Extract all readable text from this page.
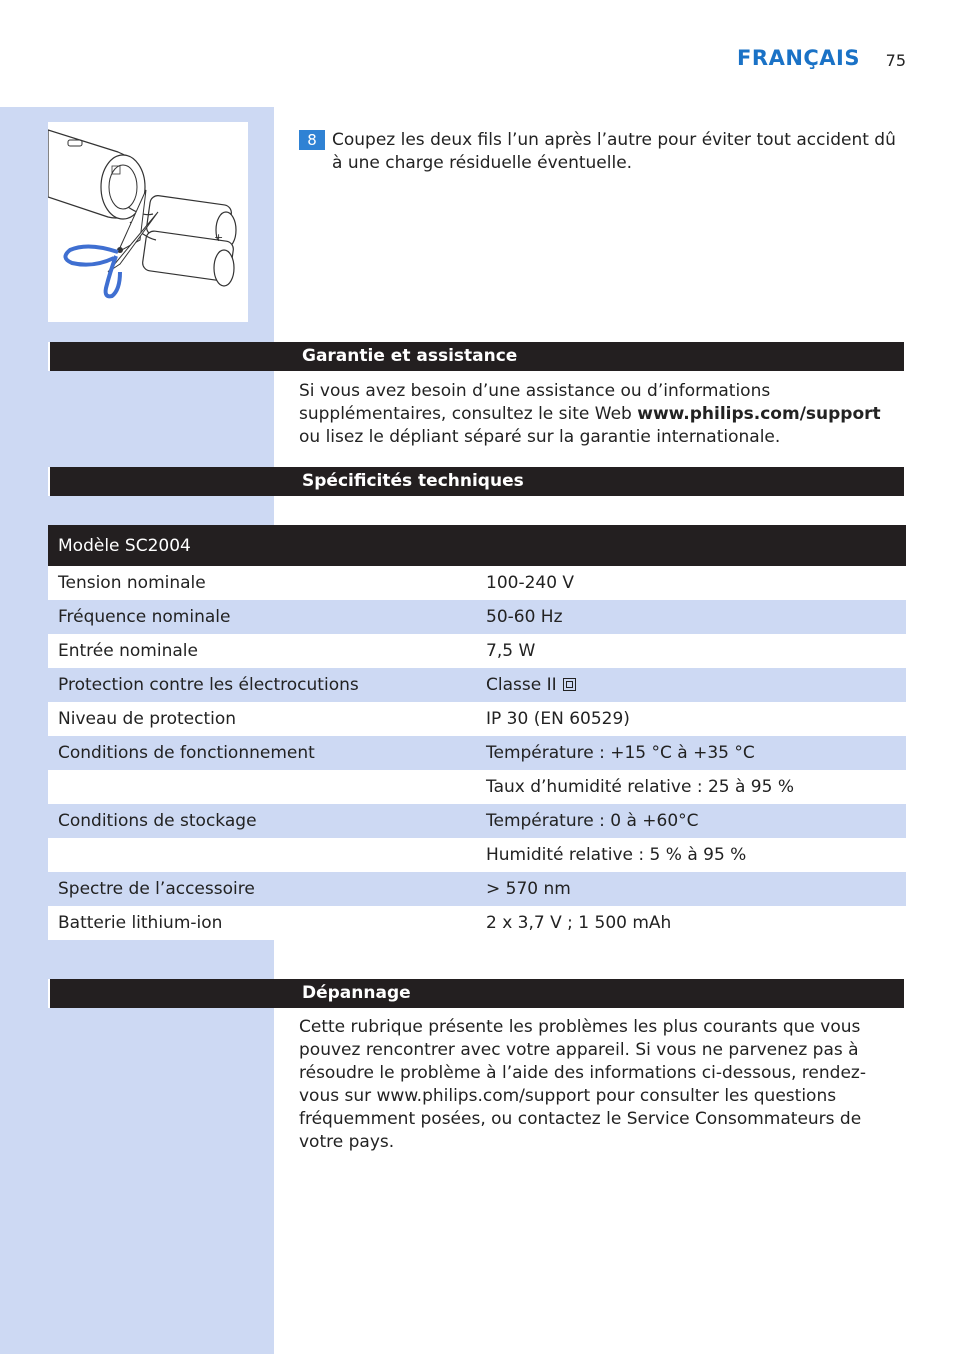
FRANÇAIS 75
+
8 Coupez les deux fils l’un après l’autre pour éviter tout accident dû à une charge résiduelle éventuelle.
Garantie et assistance
Si vous avez besoin d’une assistance ou d’informations supplémentaires, consultez le site Web www.philips.com/support ou lisez le dépliant séparé sur la garantie internationale.
Spécificités techniques
Modèle SC2004	
Tension nominale	100-240 V
Fréquence nominale	50-60 Hz
Entrée nominale	7,5 W
Protection contre les électrocutions	Classe II
Niveau de protection	IP 30 (EN 60529)
Conditions de fonctionnement	Température : +15 °C à +35 °C
	Taux d’humidité relative : 25 à 95 %
Conditions de stockage	Température : 0 à +60°C
	Humidité relative : 5 % à 95 %
Spectre de l’accessoire	> 570 nm
Batterie lithium-ion	2 x 3,7 V ; 1 500 mAh
Dépannage
Cette rubrique présente les problèmes les plus courants que vous pouvez rencontrer avec votre appareil. Si vous ne parvenez pas à résoudre le problème à l’aide des informations ci-dessous, rendez-vous sur www.philips.com/support pour consulter les questions fréquemment posées, ou contactez le Service Consommateurs de votre pays.
